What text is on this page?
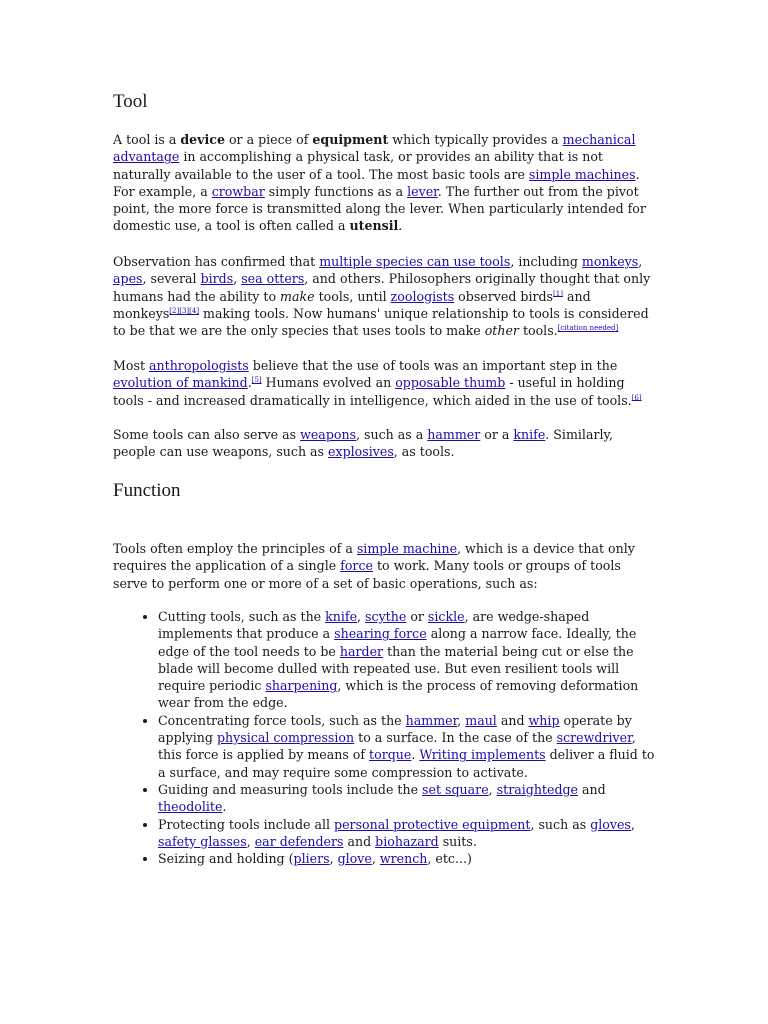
Tool

A tool is a device or a piece of equipment which typically provides a mechanical advantage in accomplishing a physical task, or provides an ability that is not naturally available to the user of a tool. The most basic tools are simple machines. For example, a crowbar simply functions as a lever. The further out from the pivot point, the more force is transmitted along the lever. When particularly intended for domestic use, a tool is often called a utensil.

Observation has confirmed that multiple species can use tools, including monkeys, apes, several birds, sea otters, and others. Philosophers originally thought that only humans had the ability to make tools, until zoologists observed birds[1] and monkeys[2][3][4] making tools. Now humans' unique relationship to tools is considered to be that we are the only species that uses tools to make other tools.[citation needed]

Most anthropologists believe that the use of tools was an important step in the evolution of mankind.[5] Humans evolved an opposable thumb - useful in holding tools - and increased dramatically in intelligence, which aided in the use of tools.[6]

Some tools can also serve as weapons, such as a hammer or a knife. Similarly, people can use weapons, such as explosives, as tools.

Function

Tools often employ the principles of a simple machine, which is a device that only requires the application of a single force to work. Many tools or groups of tools serve to perform one or more of a set of basic operations, such as:

• Cutting tools, such as the knife, scythe or sickle, are wedge-shaped implements that produce a shearing force along a narrow face. Ideally, the edge of the tool needs to be harder than the material being cut or else the blade will become dulled with repeated use. But even resilient tools will require periodic sharpening, which is the process of removing deformation wear from the edge.
• Concentrating force tools, such as the hammer, maul and whip operate by applying physical compression to a surface. In the case of the screwdriver, this force is applied by means of torque. Writing implements deliver a fluid to a surface, and may require some compression to activate.
• Guiding and measuring tools include the set square, straightedge and theodolite.
• Protecting tools include all personal protective equipment, such as gloves, safety glasses, ear defenders and biohazard suits.
• Seizing and holding (pliers, glove, wrench, etc...)
